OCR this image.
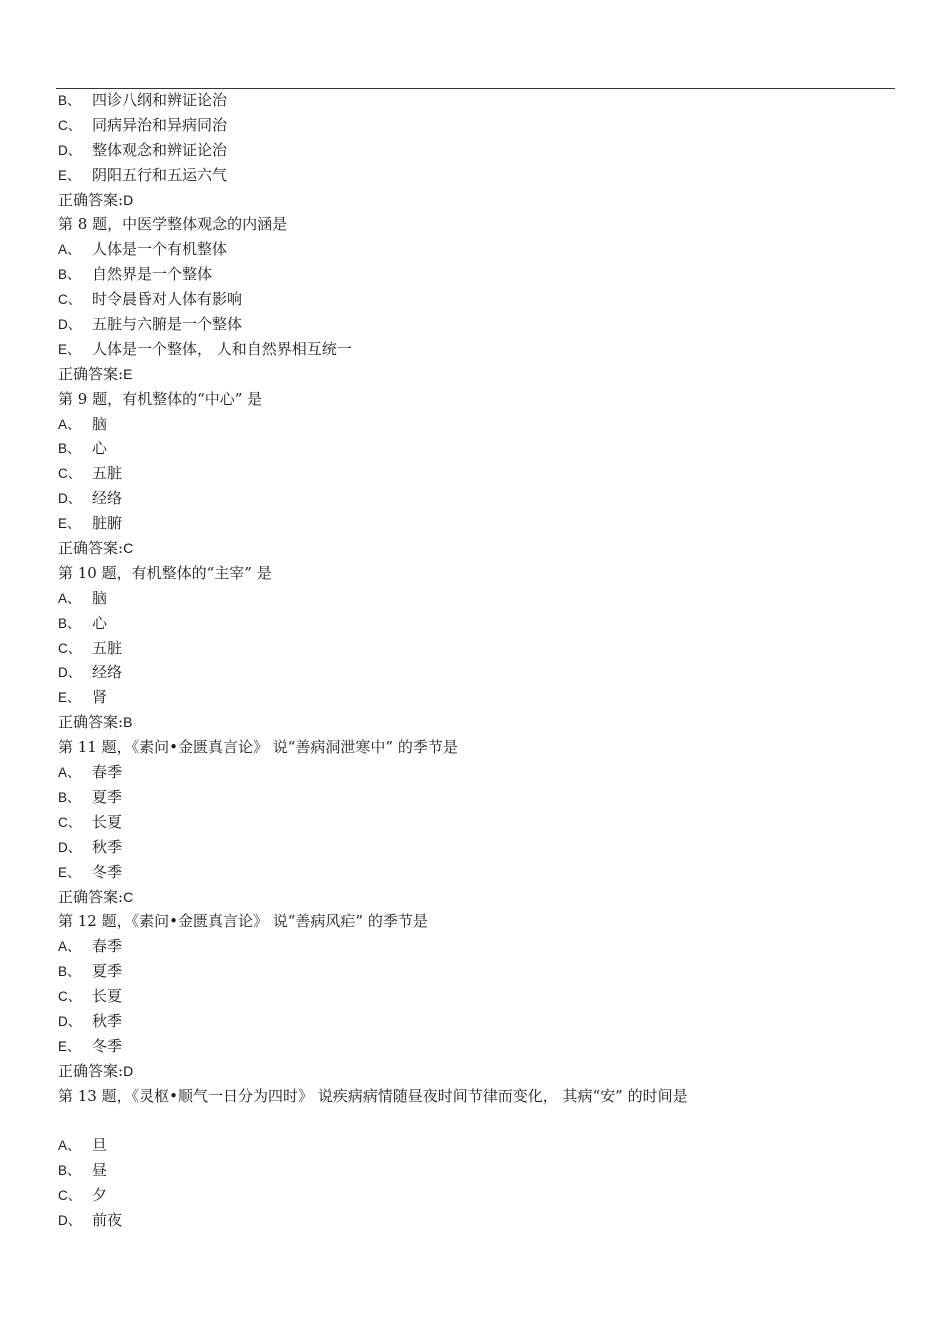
B、 四诊八纲和辨证论治
C、 同病异治和异病同治
D、 整体观念和辨证论治
E、 阴阳五行和五运六气
正确答案:D
第 8 题，中医学整体观念的内涵是
A、 人体是一个有机整体
B、 自然界是一个整体
C、 时令晨昏对人体有影响
D、 五脏与六腑是一个整体
E、 人体是一个整体， 人和自然界相互统一
正确答案:E
第 9 题，有机整体的“中心” 是
A、 脑
B、 心
C、 五脏
D、 经络
E、 脏腑
正确答案:C
第 10 题，有机整体的“主宰” 是
A、 脑
B、 心
C、 五脏
D、 经络
E、 肾
正确答案:B
第 11 题，《素问•金匮真言论》 说“善病洞泄寒中” 的季节是
A、 春季
B、 夏季
C、 长夏
D、 秋季
E、 冬季
正确答案:C
第 12 题，《素问•金匮真言论》 说“善病风疟” 的季节是
A、 春季
B、 夏季
C、 长夏
D、 秋季
E、 冬季
正确答案:D
第 13 题，《灵枢•顺气一日分为四时》 说疾病病情随昼夜时间节律而变化， 其病“安” 的时间是
A、 旦
B、 昼
C、 夕
D、 前夜
